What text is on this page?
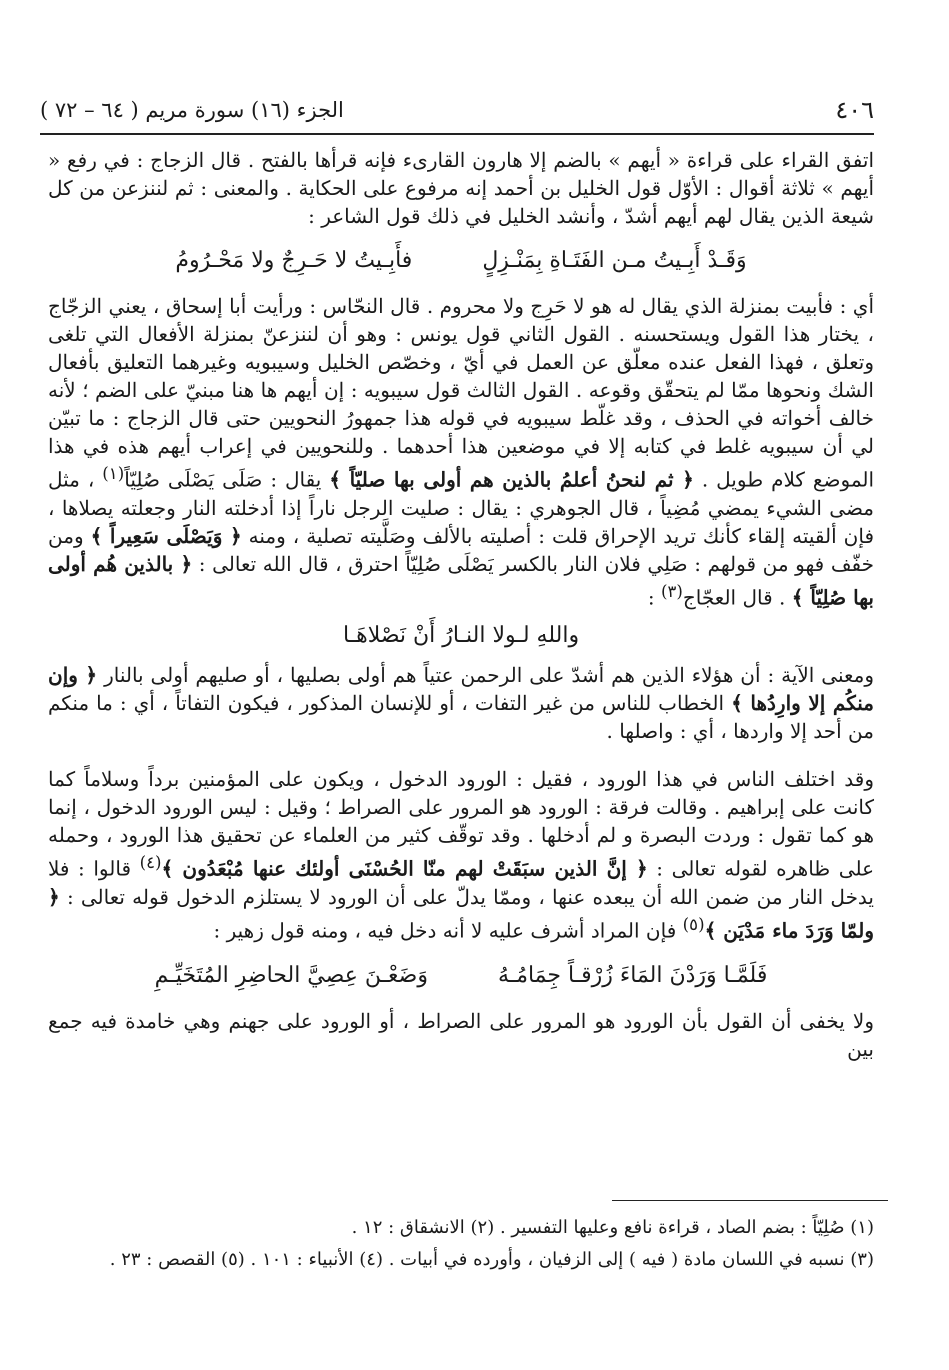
٤٠٦
الجزء (١٦) سورة مريم ( ٦٤ – ٧٢ )

اتفق القراء على قراءة « أيهم » بالضم إلا هارون القارىء فإنه قرأها بالفتح . قال الزجاج : في رفع « أيهم » ثلاثة أقوال : الأوّل قول الخليل بن أحمد إنه مرفوع على الحكاية . والمعنى : ثم لننزعن من كل شيعة الذين يقال لهم أيهم أشدّ ، وأنشد الخليل في ذلك قول الشاعر :

وَقَـدْ أَبِـيتُ مـن الفَتَـاةِ بِمَنْـزِلٍ
فأَبِـيتُ لا حَـرِجٌ ولا مَحْـرُومُ

أي : فأبيت بمنزلة الذي يقال له هو لا حَرِج ولا محروم . قال النحّاس : ورأيت أبا إسحاق ، يعني الزجّاج ، يختار هذا القول ويستحسنه . القول الثاني قول يونس : وهو أن لننزعنّ بمنزلة الأفعال التي تلغى وتعلق ، فهذا الفعل عنده معلّق عن العمل في أيّ ، وخصّص الخليل وسيبويه وغيرهما التعليق بأفعال الشك ونحوها ممّا لم يتحقّق وقوعه . القول الثالث قول سيبويه : إن أيهم ها هنا مبنيّ على الضم ؛ لأنه خالف أخواته في الحذف ، وقد غلّط سيبويه في قوله هذا جمهورُ النحويين حتى قال الزجاج : ما تبيّن لي أن سيبويه غلط في كتابه إلا في موضعين هذا أحدهما . وللنحويين في إعراب أيهم هذه في هذا الموضع كلام طويل . ﴿ ثم لنحنُ أعلمُ بالذين هم أولى بها صليّاً ﴾ يقال : صَلَى يَصْلَى صُلِيّاً$^{(١)}$ ، مثل مضى الشيء يمضي مُضِياً ، قال الجوهري : يقال : صليت الرجل ناراً إذا أدخلته النار وجعلته يصلاها ، فإن ألقيته إلقاء كأنك تريد الإحراق قلت : أصليته بالألف وصَلَّيته تصلية ، ومنه ﴿ وَيَصْلَى سَعِيراً ﴾ ومن خفّف فهو من قولهم : صَلِي فلان النار بالكسر يَصْلَى صُلِيّاً احترق ، قال الله تعالى : ﴿ بالذين هُم أولى بها صُلِيّاً ﴾ . قال العجّاج$^{(٣)}$ :

واللهِ لـولا النـارُ أَنْ نَصْلاهَـا

ومعنى الآية : أن هؤلاء الذين هم أشدّ على الرحمن عتياً هم أولى بصليها ، أو صليهم أولى بالنار ﴿ وإن منكُم إلا وارِدُها ﴾ الخطاب للناس من غير التفات ، أو للإنسان المذكور ، فيكون التفاتاً ، أي : ما منكم من أحد إلا واردها ، أي : واصلها .

وقد اختلف الناس في هذا الورود ، فقيل : الورود الدخول ، ويكون على المؤمنين برداً وسلاماً كما كانت على إبراهيم . وقالت فرقة : الورود هو المرور على الصراط ؛ وقيل : ليس الورود الدخول ، إنما هو كما تقول : وردت البصرة و لم أدخلها . وقد توقّف كثير من العلماء عن تحقيق هذا الورود ، وحمله على ظاهره لقوله تعالى : ﴿ إنَّ الذين سبَقَتْ لهم منّا الحُسْنَى أولئك عنها مُبْعَدُون ﴾$^{(٤)}$ قالوا : فلا يدخل النار من ضمن الله أن يبعده عنها ، وممّا يدلّ على أن الورود لا يستلزم الدخول قوله تعالى : ﴿ ولمّا وَرَدَ ماء مَدْيَن ﴾$^{(٥)}$ فإن المراد أشرف عليه لا أنه دخل فيه ، ومنه قول زهير :

فَلَمَّـا وَرَدْنَ المَاءَ زُرْقـاً جِمَامُـهُ
وَضَعْـنَ عِصِيَّ الحاضِرِ المُتَخَيِّـمِ

ولا يخفى أن القول بأن الورود هو المرور على الصراط ، أو الورود على جهنم وهي خامدة فيه جمع بين

(١) صُلِيّاً : بضم الصاد ، قراءة نافع وعليها التفسير . (٢) الانشقاق : ١٢ .

(٣) نسبه في اللسان مادة ( فيه ) إلى الزفيان ، وأورده في أبيات . (٤) الأنبياء : ١٠١ . (٥) القصص : ٢٣ .
